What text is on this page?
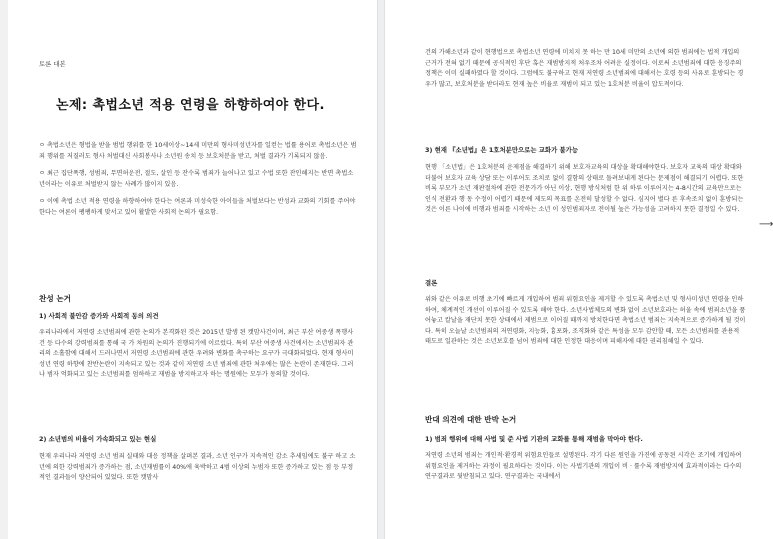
토론 대본

논제: 촉법소년 적용 연령을 하향하여야 한다.

ㅇ 촉법소년은 형법을 받을 범법 행위를 한 10세이상~14세 미만의 형사미성년자를 일컫는 법률 용어로 촉법소년은 범죄 행위를 저질러도 형사 처벌대신 사회봉사나 소년원 송치 등 보호처분을 받고, 처벌 결과가 기록되지 않음.

ㅇ 최근 집단폭행, 성범죄, 무면허운전, 절도, 살인 등 잔수록 범죄가 늘어나고 있고 수법 또한 잔인해지는 반면 촉법소년이라는 이유로 처벌받지 않는 사례가 많이지 있음.

ㅇ 이에 촉법 소년 적용 연령을 하향하여야 한다는 여론과 미성숙한 아이들을 처벌보다는 반성과 교화의 기회를 주어야 한다는 여론이 팽팽하게 맞서고 있어 활발한 사회적 논의가 필요함.

찬성 논거
1) 사회적 불안감 증가와 사회적 동의 의견

우리나라에서 저연령 소년범죄에 관한 논의가 본격화된 것은 2015년 발생 된 캣맘사건이며, 최근 부산 여중생 폭행사건 등 다수의 강력범죄를 통해 국 가 차원의 논의가 진행되기에 이르렀다. 특히 부산 여중생 사건에서는 소년범죄자 관리의 소홀함에 대해서 드러나면서 저연령 소년범죄에 관한 우려와 변화를 촉구하는 요구가 극대화되었다. 현재 형사미성년 연령 하향에 찬반논란이 지속되고 있는 것과 같이 저연령 소년 범죄에 관한 처우에는 많은 논란이 존재한다. 그러나 범자 억화되고 있는 소년범죄를 엄하하고 재범을 방지하고자 하는 명원에는 모두가 동의할 것이다.

2) 소년범의 비율이 가속화되고 있는 현실

현재 우리나라 저연령 소년 범죄 실태와 대응 정책을 살펴본 결과, 소년 인구가 지속적인 감소 추세임에도 불구 하고 소년에 의한 강력범죄가 증가하는 점, 소년재범률이 40%에 육박하고 4범 이상의 누범자 또한 증가하고 있는 점 등 부정적인 결과들이 양산되어 있었다. 또한 캣맘사

건의 가해소년과 같이 현행법으로 촉법소년 연령에 미치지 못 하는 만 10세 미만의 소년에 의한 범죄에는 법적 개입의 근거가 전혀 없기 때문에 공식적인 후단 혹은 재범방지적 처우조차 어려운 실정이다. 이로써 소년범죄에 대한 응징주의 정책은 이미 실패하였다 할 것이다. 그럼에도 불구하고 현재 저연령 소년범죄에 대해서는 호령 등의 사유로 훈방되는 경우가 많고, 보호처분을 받더라도 현재 높은 비율로 재범이 되고 있는 1호처분 비율이 압도적이다.

3) 현재 『소년법』은 1호처분만으로는 교화가 불가능

현행 「소년법」은 1호처분의 운제점을 해결하기 위해 보호자교육의 대상을 확대해야한다. 보호자 교육의 대상 확대와더불어 보호자 교육 상담 또는 이루어도 조치로 없이 결함의 상태로 돌려보내게 된다는 문제점이 해결되기 어렵다. 또한 비록 부모가 소년 재판절차에 관한 전문가가 아닌 이상, 현행 방식처럼 한 위 하루 이루어지는 4-8시간의 교육만으로는 인식 전환과 행 동 수정이 어렵기 때문에 제도의 목표를 온전히 달성할 수 없다. 심지어 별다 른 후속조치 없이 훈방되는 것은 이른 나이에 비행과 범죄를 시작하는 소년 이 성인범죄자로 전이될 높은 가능성을 고려하지 못한 결정일 수 있다.

결론

위와 같은 이유로 비행 초기에 빠르게 개입하여 범죄 위험요인을 제거할 수 있도록 촉법소년 및 형사미성년 연령을 인하하여, 체계적인 개선이 이루어질 수 있도록 해야 한다. 소년사법체도의 변화 없이 소년보호라는 허울 속에 범죄소년을 품어놓고 칼날을 재단치 못한 상태에서 제범으로 이어질 때까지 방치한다면 촉법소년 범죄는 지속적으로 증가하게 될 것이다. 특히 오늘날 소년범죄의 저연령화, 지능화, 흉포화, 조직화와 같은 특성을 모두 감안할 때, 모든 소년범죄를 관용적 태도로 일관하는 것은 소년보호를 넘어 범죄에 대한 인정한 대응이며 피해자에 대한 권리침해일 수 있다.

반대 의견에 대한 반박 논거
1) 범죄 행위에 대해 사법 및 준 사법 기관의 교화를 통해 재범을 막아야 한다.

저연령 소년의 범죄는 개인적·환경적 위험요인들로 설명된다. 각기 다른 원인을 가진에 공동된 시각은 조기에 개입하여 위험요인을 제거하는 과정이 필요하다는 것이다. 이는 사법기관의 개입이 비 · 률수록 재범방지에 효과적이라는 다수의 연구결과로 뒷받침되고 있다. 연구결과는 국내에서

⟶
